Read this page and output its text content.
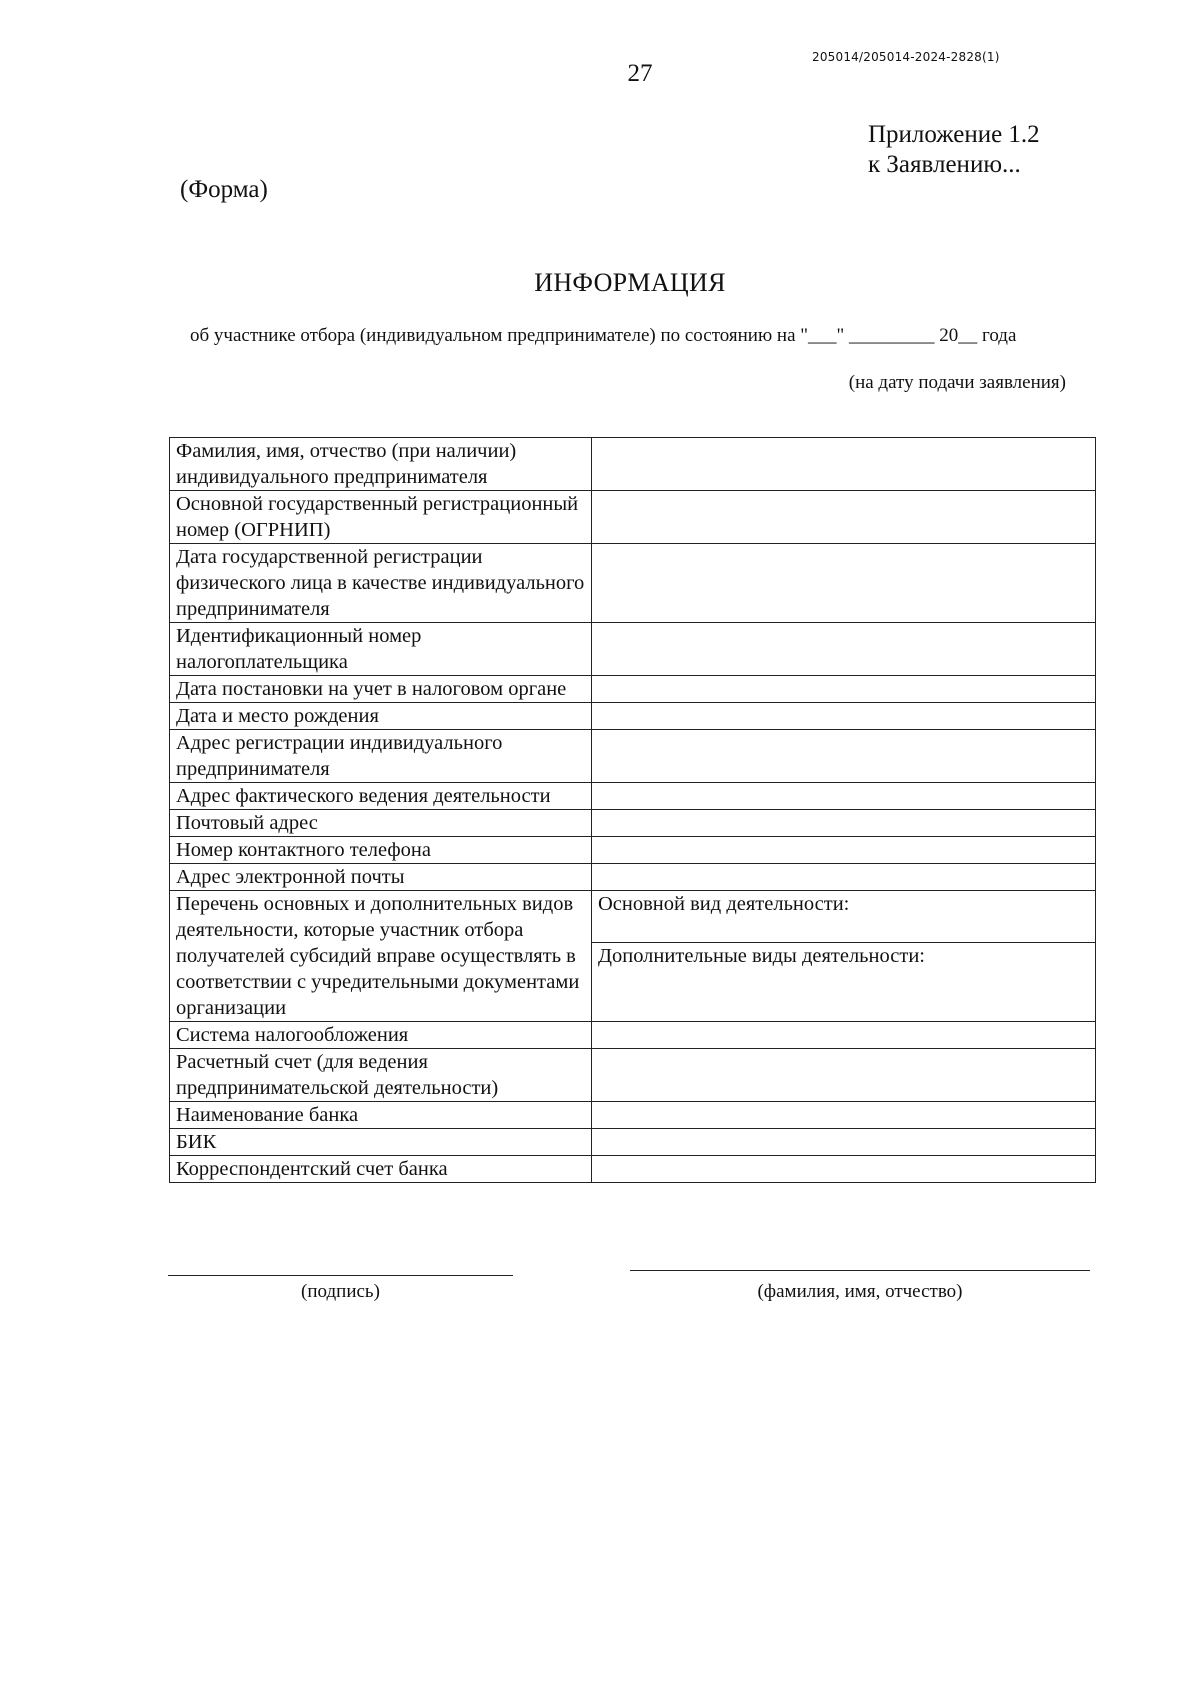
205014/205014-2024-2828(1)
27
Приложение 1.2
к Заявлению...
(Форма)
ИНФОРМАЦИЯ
об участнике отбора (индивидуальном предпринимателе) по состоянию на "___" _________ 20__ года
(на дату подачи заявления)
Фамилия, имя, отчество (при наличии) индивидуального предпринимателя	
Основной государственный регистрационный номер (ОГРНИП)	
Дата государственной регистрации физического лица в качестве индивидуального предпринимателя	
Идентификационный номер налогоплательщика	
Дата постановки на учет в налоговом органе	
Дата и место рождения	
Адрес регистрации индивидуального предпринимателя	
Адрес фактического ведения деятельности	
Почтовый адрес	
Номер контактного телефона	
Адрес электронной почты	
Перечень основных и дополнительных видов деятельности, которые участник отбора получателей субсидий вправе осуществлять в соответствии с учредительными документами организации	Основной вид деятельности:
	Дополнительные виды деятельности:
Система налогообложения	
Расчетный счет (для ведения предпринимательской деятельности)	
Наименование банка	
БИК	
Корреспондентский счет банка	
(подпись)	(фамилия, имя, отчество)
